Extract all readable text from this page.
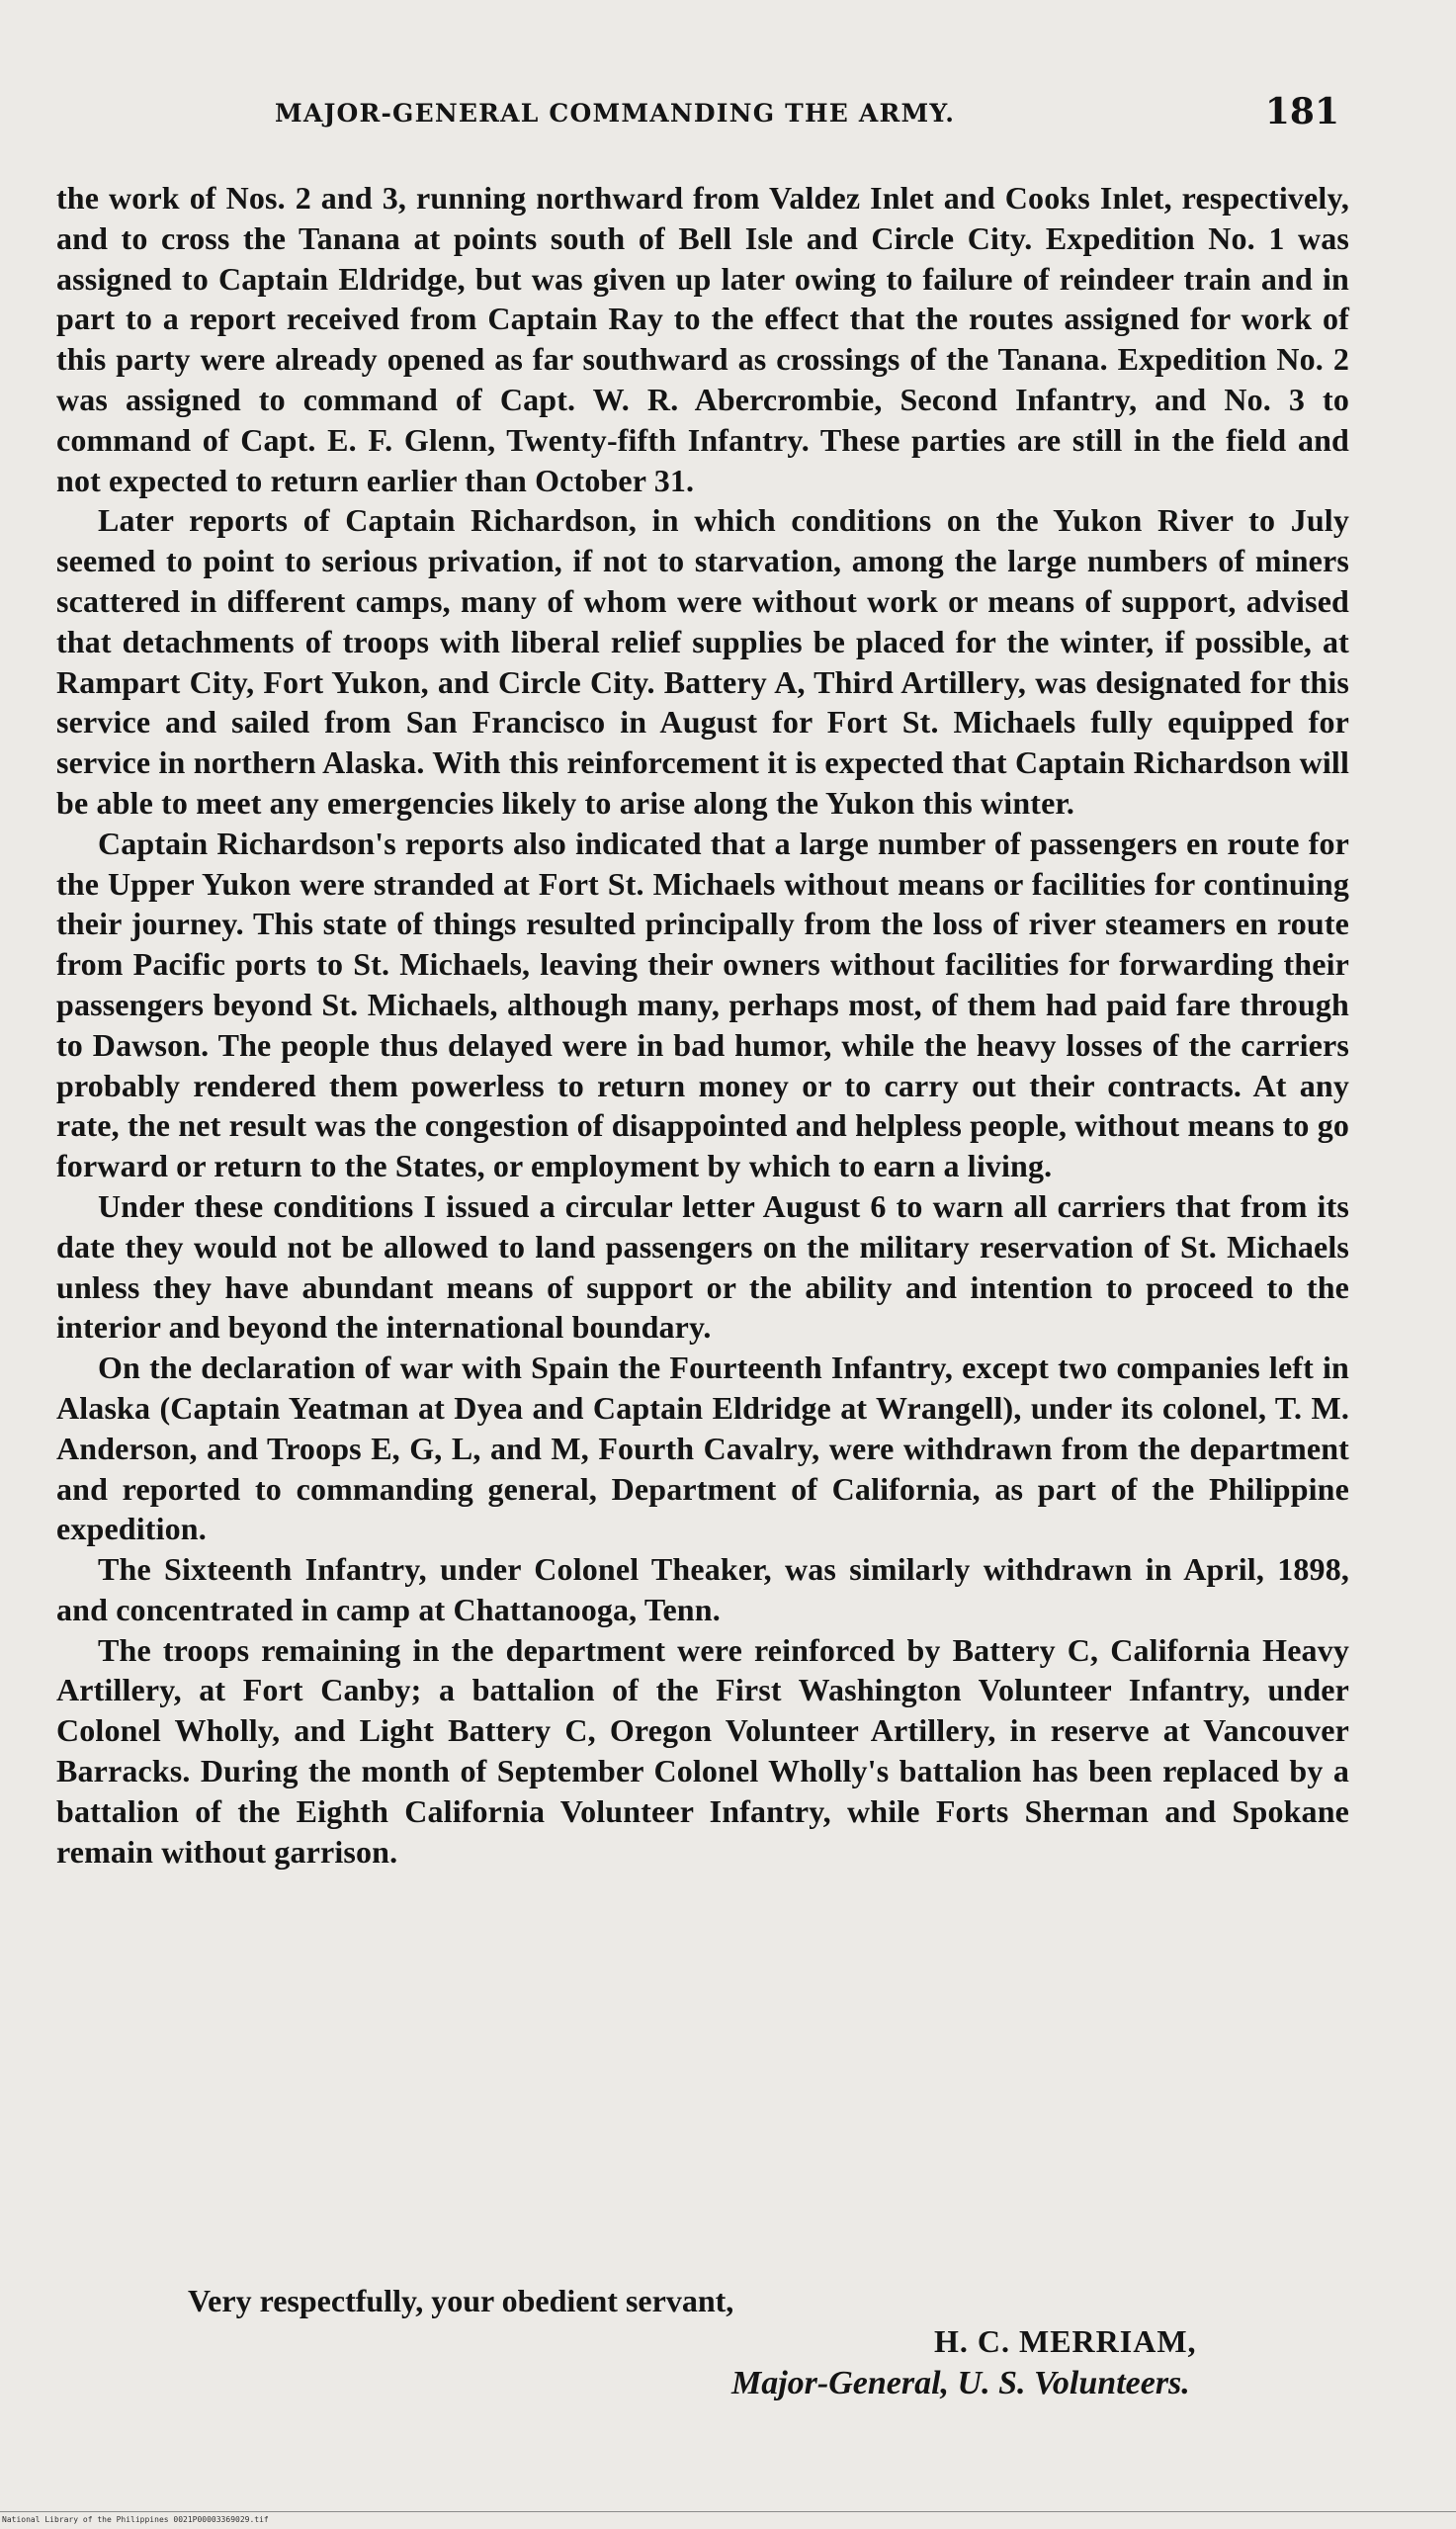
MAJOR-GENERAL COMMANDING THE ARMY.	181

the work of Nos. 2 and 3, running northward from Valdez Inlet and Cooks Inlet, respectively, and to cross the Tanana at points south of Bell Isle and Circle City. Expedition No. 1 was assigned to Captain Eldridge, but was given up later owing to failure of reindeer train and in part to a report received from Captain Ray to the effect that the routes assigned for work of this party were already opened as far southward as crossings of the Tanana. Expedition No. 2 was assigned to command of Capt. W. R. Abercrombie, Second Infantry, and No. 3 to command of Capt. E. F. Glenn, Twenty-fifth Infantry. These parties are still in the field and not expected to return earlier than October 31.

Later reports of Captain Richardson, in which conditions on the Yukon River to July seemed to point to serious privation, if not to starvation, among the large numbers of miners scattered in different camps, many of whom were without work or means of support, advised that detachments of troops with liberal relief supplies be placed for the winter, if possible, at Rampart City, Fort Yukon, and Circle City. Battery A, Third Artillery, was designated for this service and sailed from San Francisco in August for Fort St. Michaels fully equipped for service in northern Alaska. With this reinforcement it is expected that Captain Richardson will be able to meet any emergencies likely to arise along the Yukon this winter.

Captain Richardson's reports also indicated that a large number of passengers en route for the Upper Yukon were stranded at Fort St. Michaels without means or facilities for continuing their journey. This state of things resulted principally from the loss of river steamers en route from Pacific ports to St. Michaels, leaving their owners without facilities for forwarding their passengers beyond St. Michaels, although many, perhaps most, of them had paid fare through to Dawson. The people thus delayed were in bad humor, while the heavy losses of the carriers probably rendered them powerless to return money or to carry out their contracts. At any rate, the net result was the congestion of disappointed and helpless people, without means to go forward or return to the States, or employment by which to earn a living.

Under these conditions I issued a circular letter August 6 to warn all carriers that from its date they would not be allowed to land passengers on the military reservation of St. Michaels unless they have abundant means of support or the ability and intention to proceed to the interior and beyond the international boundary.

On the declaration of war with Spain the Fourteenth Infantry, except two companies left in Alaska (Captain Yeatman at Dyea and Captain Eldridge at Wrangell), under its colonel, T. M. Anderson, and Troops E, G, L, and M, Fourth Cavalry, were withdrawn from the department and reported to commanding general, Department of California, as part of the Philippine expedition.

The Sixteenth Infantry, under Colonel Theaker, was similarly withdrawn in April, 1898, and concentrated in camp at Chattanooga, Tenn.

The troops remaining in the department were reinforced by Battery C, California Heavy Artillery, at Fort Canby; a battalion of the First Washington Volunteer Infantry, under Colonel Wholly, and Light Battery C, Oregon Volunteer Artillery, in reserve at Vancouver Barracks. During the month of September Colonel Wholly's battalion has been replaced by a battalion of the Eighth California Volunteer Infantry, while Forts Sherman and Spokane remain without garrison.

Very respectfully, your obedient servant,
H. C. MERRIAM,
Major-General, U. S. Volunteers.
National Library of the Philippines 0021P00003369029.tif
